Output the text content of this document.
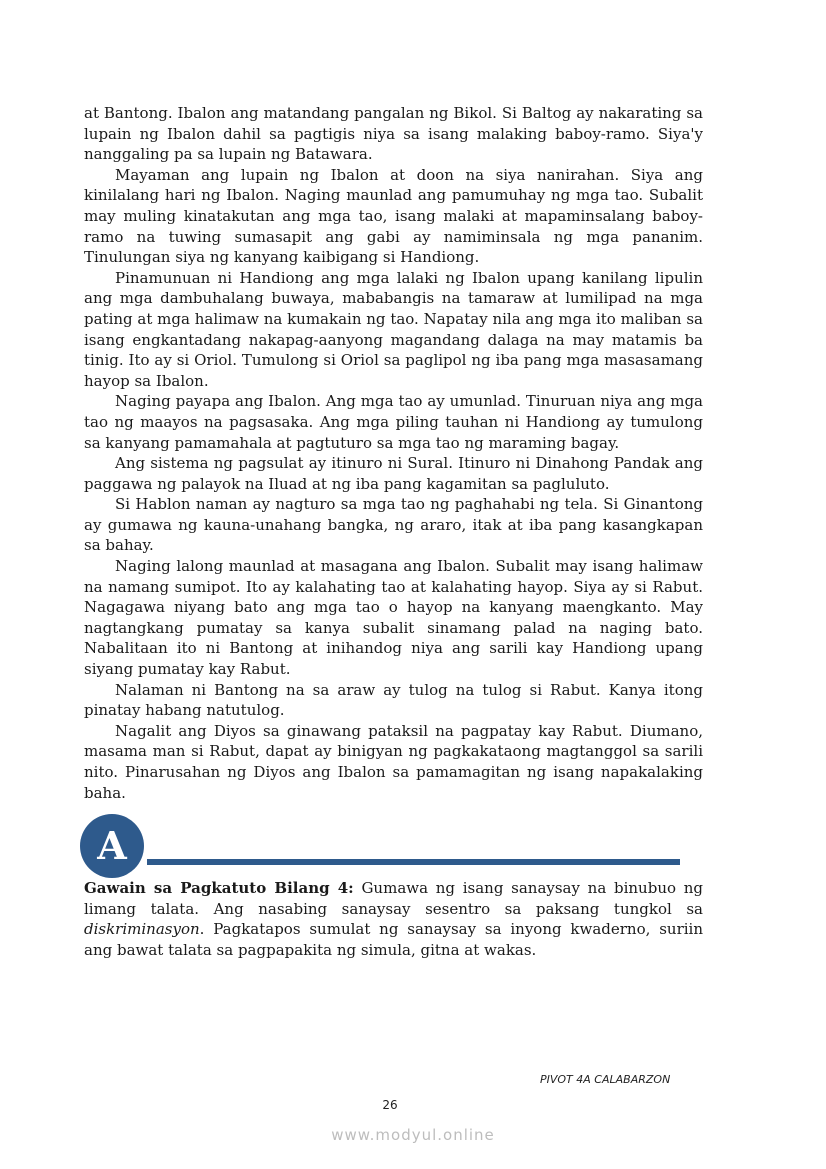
at Bantong. Ibalon ang matandang pangalan ng Bikol. Si Baltog ay nakarating sa lupain ng Ibalon dahil sa pagtigis niya sa isang malaking baboy-ramo. Siya'y nanggaling pa sa lupain ng Batawara.

Mayaman ang lupain ng Ibalon at doon na siya nanirahan. Siya ang kinilalang hari ng Ibalon. Naging maunlad ang pamumuhay ng mga tao. Subalit may muling kinatakutan ang mga tao, isang malaki at mapaminsalang baboy-ramo na tuwing sumasapit ang gabi ay namiminsala ng mga pananim. Tinulungan siya ng kanyang kaibigang si Handiong.

Pinamunuan ni Handiong ang mga lalaki ng Ibalon upang kanilang lipulin ang mga dambuhalang buwaya, mababangis na tamaraw at lumilipad na mga pating at mga halimaw na kumakain ng tao. Napatay nila ang mga ito maliban sa isang engkantadang nakapag-aanyong magandang dalaga na may matamis ba tinig. Ito ay si Oriol. Tumulong si Oriol sa paglipol ng iba pang mga masasamang hayop sa Ibalon.

Naging payapa ang Ibalon. Ang mga tao ay umunlad. Tinuruan niya ang mga tao ng maayos na pagsasaka. Ang mga piling tauhan ni Handiong ay tumulong sa kanyang pamamahala at pagtuturo sa mga tao ng maraming bagay.

Ang sistema ng pagsulat ay itinuro ni Sural. Itinuro ni Dinahong Pandak ang paggawa ng palayok na Iluad at ng iba pang kagamitan sa pagluluto.

Si Hablon naman ay nagturo sa mga tao ng paghahabi ng tela. Si Ginantong ay gumawa ng kauna-unahang bangka, ng araro, itak at iba pang kasangkapan sa bahay.

Naging lalong maunlad at masagana ang Ibalon. Subalit may isang halimaw na namang sumipot. Ito ay kalahating tao at kalahating hayop. Siya ay si Rabut. Nagagawa niyang bato ang mga tao o hayop na kanyang maengkanto. May nagtangkang pumatay sa kanya subalit sinamang palad na naging bato. Nabalitaan ito ni Bantong at inihandog niya ang sarili kay Handiong upang siyang pumatay kay Rabut.

Nalaman ni Bantong na sa araw ay tulog na tulog si Rabut. Kanya itong pinatay habang natutulog.

Nagalit ang Diyos sa ginawang pataksil na pagpatay kay Rabut. Diumano, masama man si Rabut, dapat ay binigyan ng pagkakataong magtanggol sa sarili nito. Pinarusahan ng Diyos ang Ibalon sa pamamagitan ng isang napakalaking baha.

A

Gawain sa Pagkatuto Bilang 4: Gumawa ng isang sanaysay na binubuo ng limang talata. Ang nasabing sanaysay sesentro sa paksang tungkol sa diskriminasyon. Pagkatapos sumulat ng sanaysay sa inyong kwaderno, suriin ang bawat talata sa pagpapakita ng simula, gitna at wakas.

PIVOT 4A CALABARZON
26
www.modyul.online
